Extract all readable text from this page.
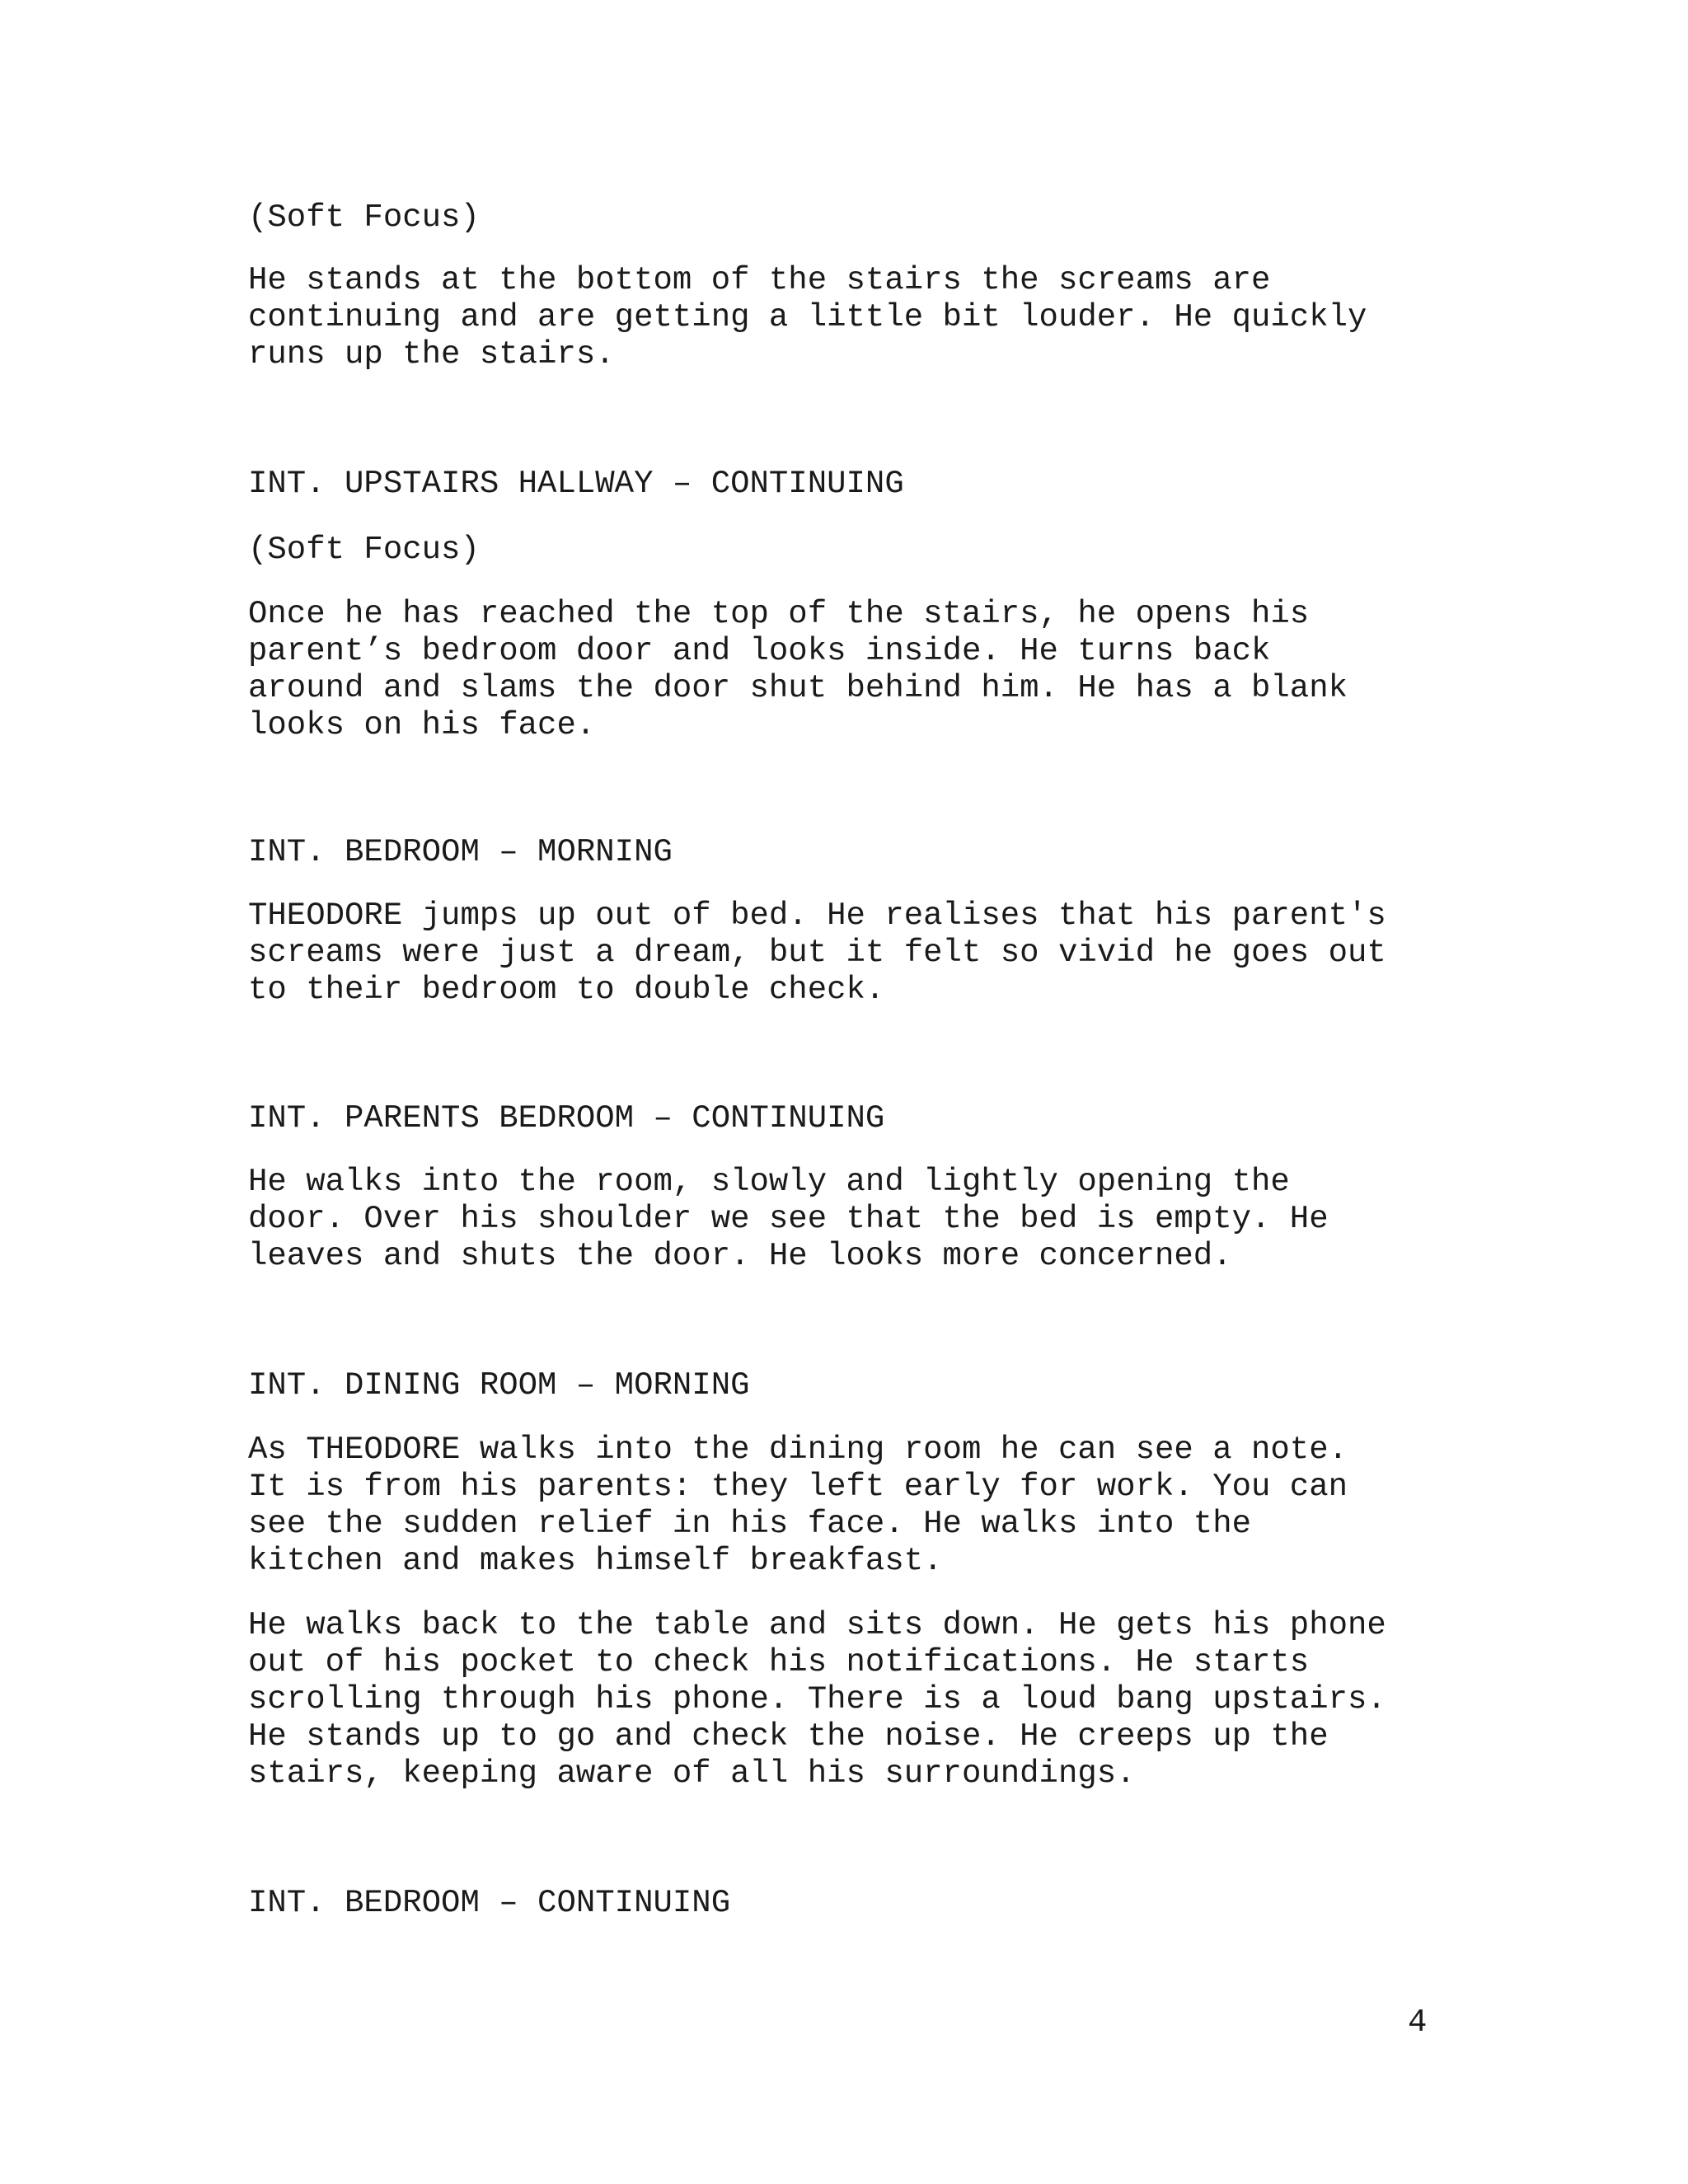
(Soft Focus)

He stands at the bottom of the stairs the screams are

continuing and are getting a little bit louder. He quickly

runs up the stairs.

INT. UPSTAIRS HALLWAY – CONTINUING

(Soft Focus)

Once he has reached the top of the stairs, he opens his

parent’s bedroom door and looks inside. He turns back

around and slams the door shut behind him. He has a blank

looks on his face.

INT. BEDROOM – MORNING

THEODORE jumps up out of bed. He realises that his parent's

screams were just a dream, but it felt so vivid he goes out

to their bedroom to double check.

INT. PARENTS BEDROOM – CONTINUING

He walks into the room, slowly and lightly opening the

door. Over his shoulder we see that the bed is empty. He

leaves and shuts the door. He looks more concerned.

INT. DINING ROOM – MORNING

As THEODORE walks into the dining room he can see a note.

It is from his parents: they left early for work. You can

see the sudden relief in his face. He walks into the

kitchen and makes himself breakfast.

He walks back to the table and sits down. He gets his phone

out of his pocket to check his notifications. He starts

scrolling through his phone. There is a loud bang upstairs.

He stands up to go and check the noise. He creeps up the

stairs, keeping aware of all his surroundings.

INT. BEDROOM – CONTINUING

4
